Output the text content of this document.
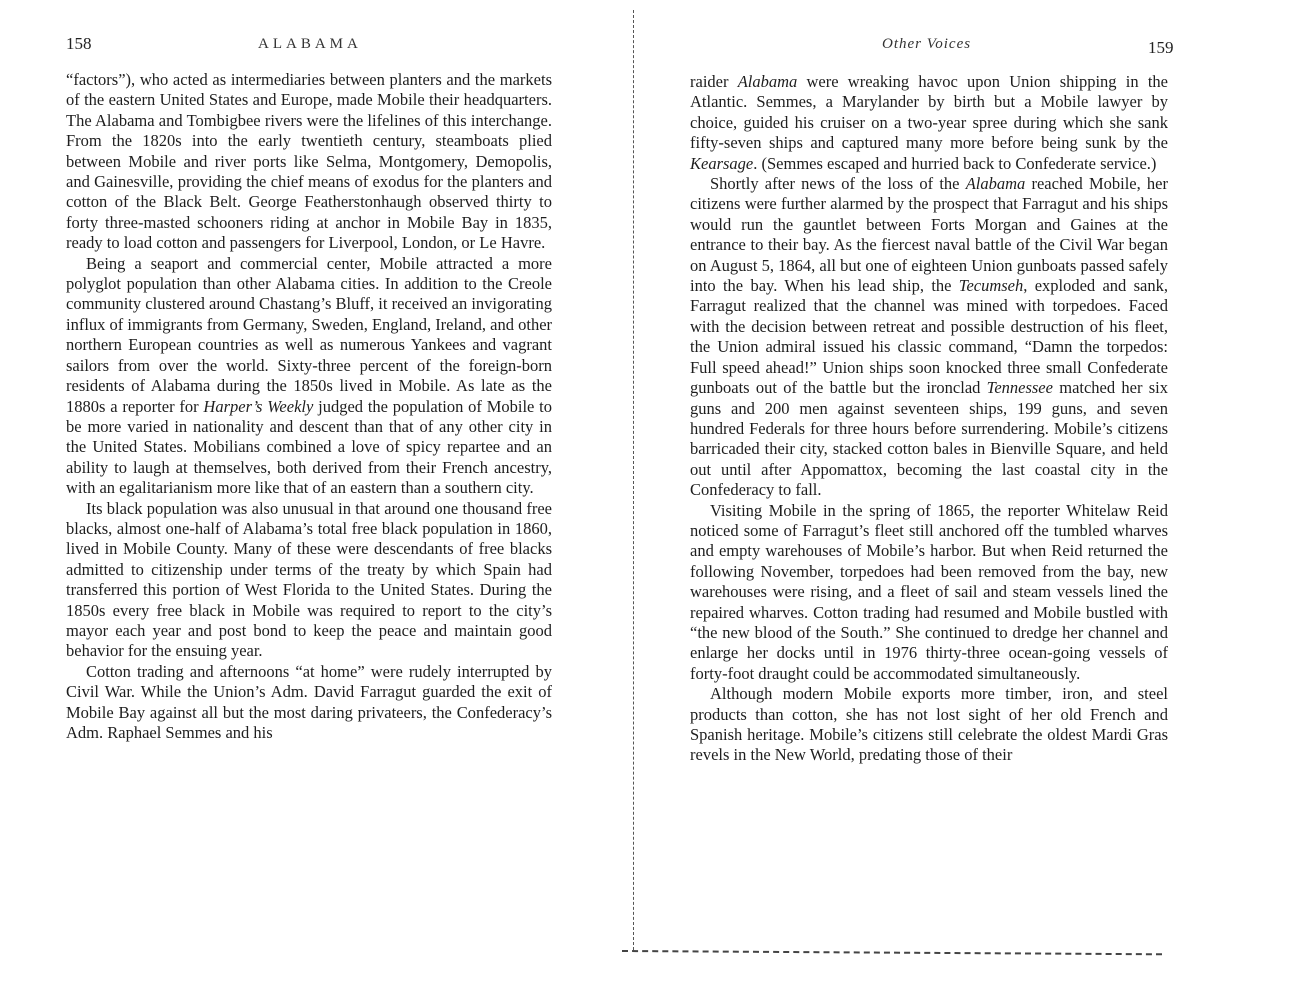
158	ALABAMA

“factors”), who acted as intermediaries between planters and the markets of the eastern United States and Europe, made Mobile their headquarters. The Alabama and Tombigbee rivers were the lifelines of this interchange. From the 1820s into the early twentieth century, steamboats plied between Mobile and river ports like Selma, Montgomery, Demopolis, and Gainesville, providing the chief means of exodus for the planters and cotton of the Black Belt. George Featherstonhaugh observed thirty to forty three-masted schooners riding at anchor in Mobile Bay in 1835, ready to load cotton and passengers for Liverpool, London, or Le Havre.

Being a seaport and commercial center, Mobile attracted a more polyglot population than other Alabama cities. In addition to the Creole community clustered around Chastang’s Bluff, it received an invigorating influx of immigrants from Germany, Sweden, England, Ireland, and other northern European countries as well as numerous Yankees and vagrant sailors from over the world. Sixty-three percent of the foreign-born residents of Alabama during the 1850s lived in Mobile. As late as the 1880s a reporter for Harper’s Weekly judged the population of Mobile to be more varied in nationality and descent than that of any other city in the United States. Mobilians combined a love of spicy repartee and an ability to laugh at themselves, both derived from their French ancestry, with an egalitarianism more like that of an eastern than a southern city.

Its black population was also unusual in that around one thousand free blacks, almost one-half of Alabama’s total free black population in 1860, lived in Mobile County. Many of these were descendants of free blacks admitted to citizenship under terms of the treaty by which Spain had transferred this portion of West Florida to the United States. During the 1850s every free black in Mobile was required to report to the city’s mayor each year and post bond to keep the peace and maintain good behavior for the ensuing year.

Cotton trading and afternoons “at home” were rudely interrupted by Civil War. While the Union’s Adm. David Farragut guarded the exit of Mobile Bay against all but the most daring privateers, the Confederacy’s Adm. Raphael Semmes and his

Other Voices	159

raider Alabama were wreaking havoc upon Union shipping in the Atlantic. Semmes, a Marylander by birth but a Mobile lawyer by choice, guided his cruiser on a two-year spree during which she sank fifty-seven ships and captured many more before being sunk by the Kearsage. (Semmes escaped and hurried back to Confederate service.)

Shortly after news of the loss of the Alabama reached Mobile, her citizens were further alarmed by the prospect that Farragut and his ships would run the gauntlet between Forts Morgan and Gaines at the entrance to their bay. As the fiercest naval battle of the Civil War began on August 5, 1864, all but one of eighteen Union gunboats passed safely into the bay. When his lead ship, the Tecumseh, exploded and sank, Farragut realized that the channel was mined with torpedoes. Faced with the decision between retreat and possible destruction of his fleet, the Union admiral issued his classic command, “Damn the torpedos: Full speed ahead!” Union ships soon knocked three small Confederate gunboats out of the battle but the ironclad Tennessee matched her six guns and 200 men against seventeen ships, 199 guns, and seven hundred Federals for three hours before surrendering. Mobile’s citizens barricaded their city, stacked cotton bales in Bienville Square, and held out until after Appomattox, becoming the last coastal city in the Confederacy to fall.

Visiting Mobile in the spring of 1865, the reporter Whitelaw Reid noticed some of Farragut’s fleet still anchored off the tumbled wharves and empty warehouses of Mobile’s harbor. But when Reid returned the following November, torpedoes had been removed from the bay, new warehouses were rising, and a fleet of sail and steam vessels lined the repaired wharves. Cotton trading had resumed and Mobile bustled with “the new blood of the South.” She continued to dredge her channel and enlarge her docks until in 1976 thirty-three ocean-going vessels of forty-foot draught could be accommodated simultaneously.

Although modern Mobile exports more timber, iron, and steel products than cotton, she has not lost sight of her old French and Spanish heritage. Mobile’s citizens still celebrate the oldest Mardi Gras revels in the New World, predating those of their
